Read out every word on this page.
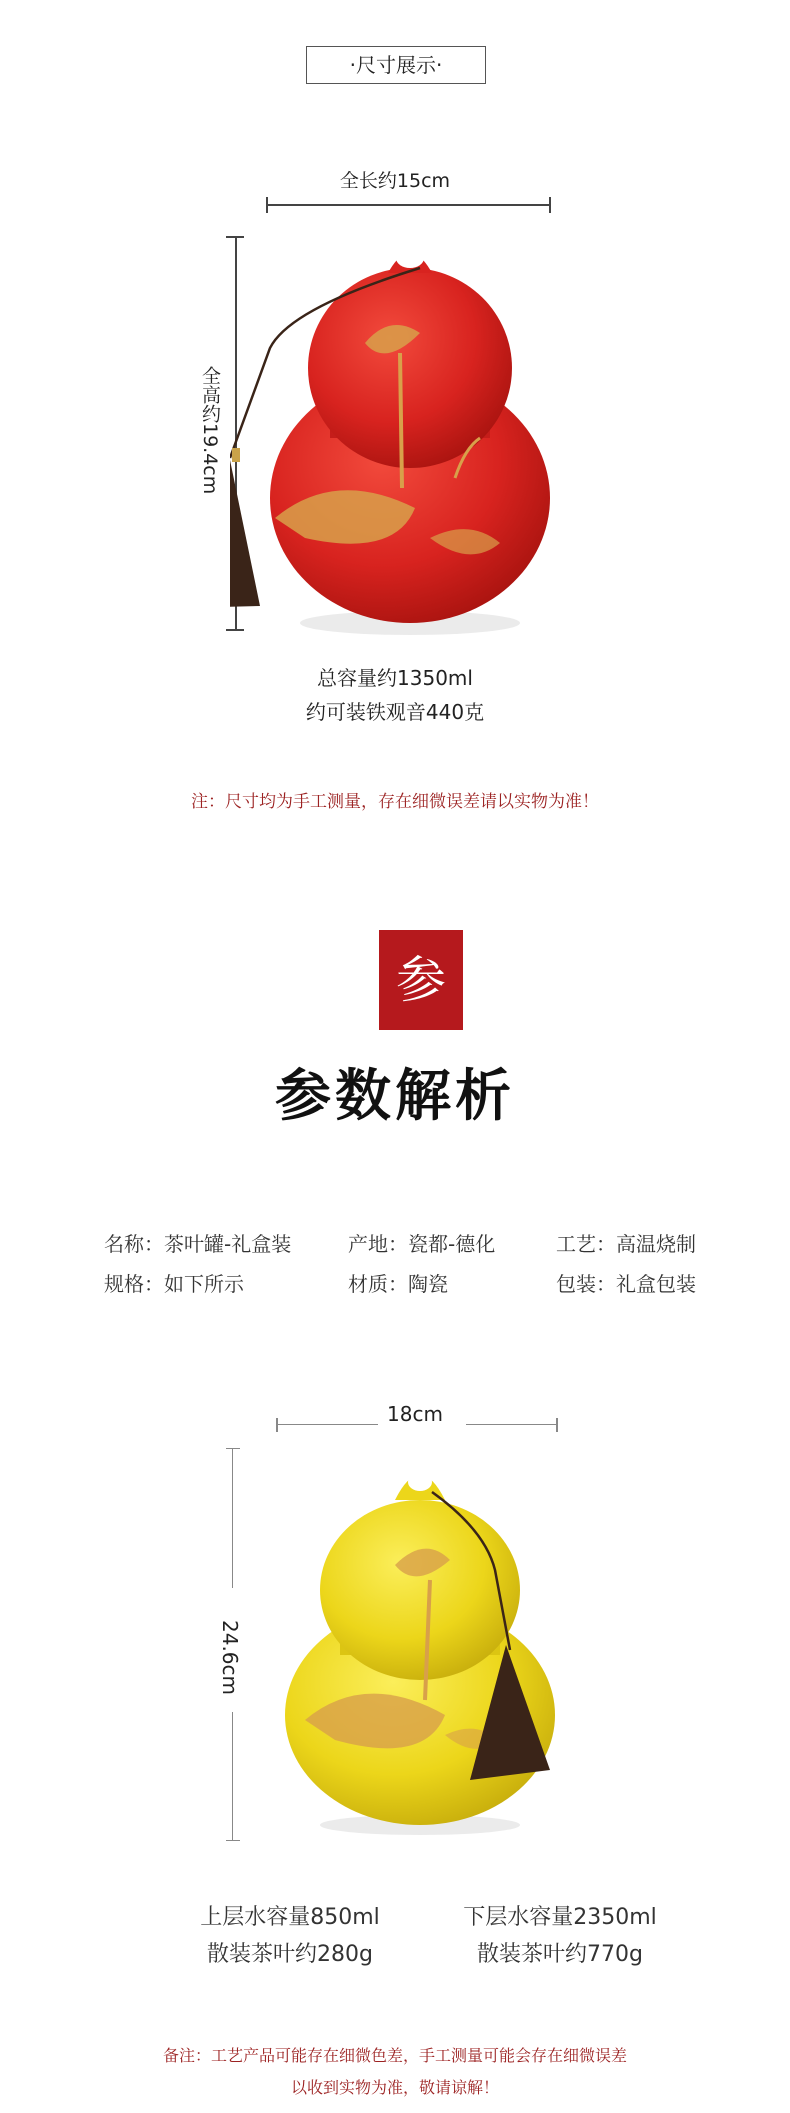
·尺寸展示·
全长约15cm
全高约19.4cm
总容量约1350ml
约可装铁观音440克
注：尺寸均为手工测量，存在细微误差请以实物为准！
参
参数解析
名称：茶叶罐-礼盒装	产地：瓷都-德化	工艺：高温烧制
规格：如下所示	材质：陶瓷	包装：礼盒包装
18cm
24.6cm
上层水容量850ml
散装茶叶约280g
下层水容量2350ml
散装茶叶约770g
备注：工艺产品可能存在细微色差，手工测量可能会存在细微误差
以收到实物为准，敬请谅解！
